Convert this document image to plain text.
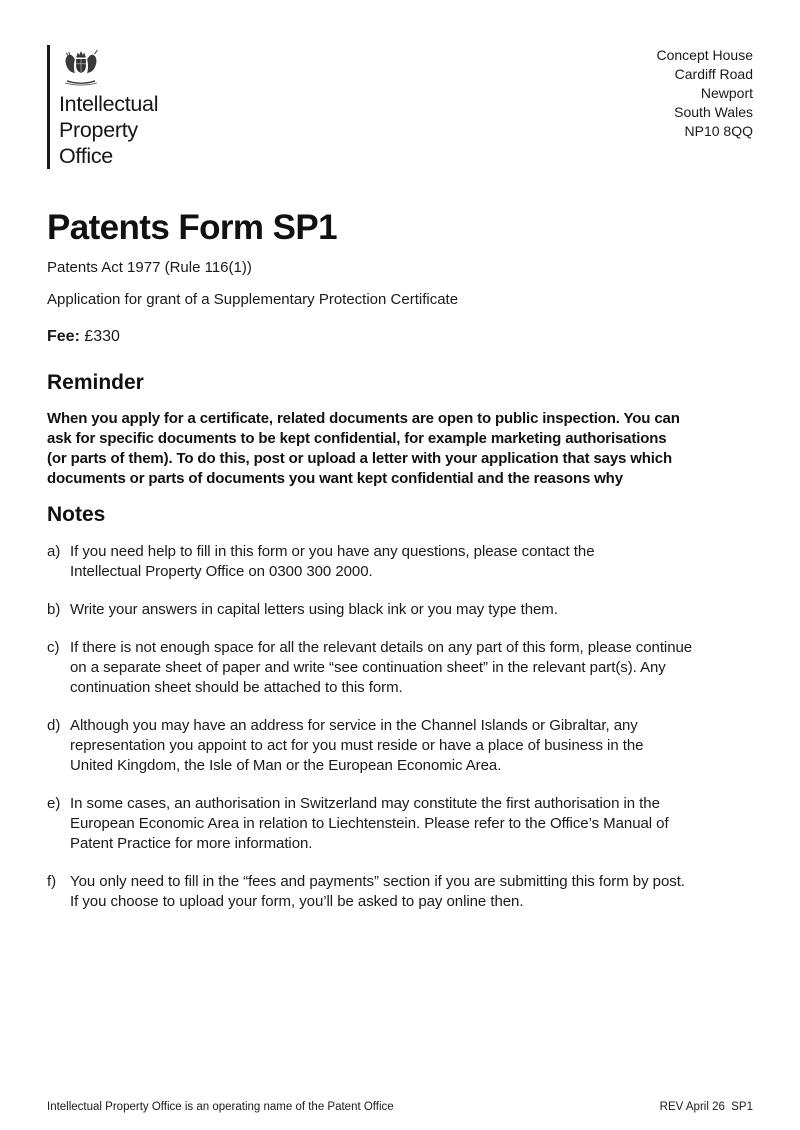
Intellectual
Property
Office
Concept House
Cardiff Road
Newport
South Wales
NP10 8QQ
Patents Form SP1
Patents Act 1977 (Rule 116(1))
Application for grant of a Supplementary Protection Certificate
Fee: £330
Reminder
When you apply for a certificate, related documents are open to public inspection. You can
ask for specific documents to be kept confidential, for example marketing authorisations
(or parts of them). To do this, post or upload a letter with your application that says which
documents or parts of documents you want kept confidential and the reasons why
Notes
a) If you need help to fill in this form or you have any questions, please contact the
Intellectual Property Office on 0300 300 2000.
b) Write your answers in capital letters using black ink or you may type them.
c) If there is not enough space for all the relevant details on any part of this form, please continue
on a separate sheet of paper and write “see continuation sheet” in the relevant part(s). Any
continuation sheet should be attached to this form.
d) Although you may have an address for service in the Channel Islands or Gibraltar, any
representation you appoint to act for you must reside or have a place of business in the
United Kingdom, the Isle of Man or the European Economic Area.
e) In some cases, an authorisation in Switzerland may constitute the first authorisation in the
European Economic Area in relation to Liechtenstein. Please refer to the Office’s Manual of
Patent Practice for more information.
f) You only need to fill in the “fees and payments” section if you are submitting this form by post.
If you choose to upload your form, you’ll be asked to pay online then.
Intellectual Property Office is an operating name of the Patent Office	REV April 26  SP1
